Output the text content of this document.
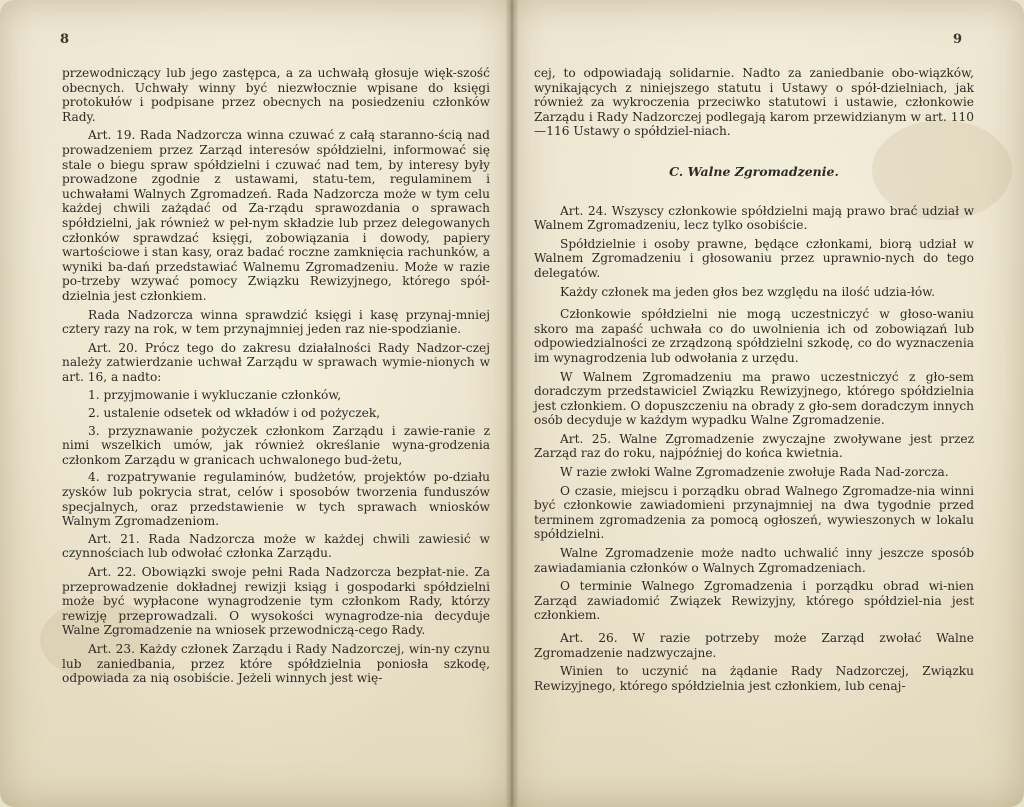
8

przewodniczący lub jego zastępca, a za uchwałą głosuje więk-szość obecnych. Uchwały winny być niezwłocznie wpisane do księgi protokułów i podpisane przez obecnych na posiedzeniu członków Rady.

Art. 19. Rada Nadzorcza winna czuwać z całą staranno-ścią nad prowadzeniem przez Zarząd interesów spółdzielni, informować się stale o biegu spraw spółdzielni i czuwać nad tem, by interesy były prowadzone zgodnie z ustawami, statu-tem, regulaminem i uchwałami Walnych Zgromadzeń. Rada Nadzorcza może w tym celu każdej chwili zażądać od Za-rządu sprawozdania o sprawach spółdzielni, jak również w peł-nym składzie lub przez delegowanych członków sprawdzać księgi, zobowiązania i dowody, papiery wartościowe i stan kasy, oraz badać roczne zamknięcia rachunków, a wyniki ba-dań przedstawiać Walnemu Zgromadzeniu. Może w razie po-trzeby wzywać pomocy Związku Rewizyjnego, którego spół-dzielnia jest członkiem.

Rada Nadzorcza winna sprawdzić księgi i kasę przynaj-mniej cztery razy na rok, w tem przynajmniej jeden raz nie-spodzianie.

Art. 20. Prócz tego do zakresu działalności Rady Nadzor-czej należy zatwierdzanie uchwał Zarządu w sprawach wymie-nionych w art. 16, a nadto:

1. przyjmowanie i wykluczanie członków,

2. ustalenie odsetek od wkładów i od pożyczek,

3. przyznawanie pożyczek członkom Zarządu i zawie-ranie z nimi wszelkich umów, jak również określanie wyna-grodzenia członkom Zarządu w granicach uchwalonego bud-żetu,

4. rozpatrywanie regulaminów, budżetów, projektów po-działu zysków lub pokrycia strat, celów i sposobów tworzenia funduszów specjalnych, oraz przedstawienie w tych sprawach wniosków Walnym Zgromadzeniom.

Art. 21. Rada Nadzorcza może w każdej chwili zawiesić w czynnościach lub odwołać członka Zarządu.

Art. 22. Obowiązki swoje pełni Rada Nadzorcza bezpłat-nie. Za przeprowadzenie dokładnej rewizji ksiąg i gospodarki spółdzielni może być wypłacone wynagrodzenie tym członkom Rady, którzy rewizję przeprowadzali. O wysokości wynagrodze-nia decyduje Walne Zgromadzenie na wniosek przewodniczą-cego Rady.

Art. 23. Każdy członek Zarządu i Rady Nadzorczej, win-ny czynu lub zaniedbania, przez które spółdzielnia poniosła szkodę, odpowiada za nią osobiście. Jeżeli winnych jest wię-

9

cej, to odpowiadają solidarnie. Nadto za zaniedbanie obo-wiązków, wynikających z niniejszego statutu i Ustawy o spół-dzielniach, jak również za wykroczenia przeciwko statutowi i ustawie, członkowie Zarządu i Rady Nadzorczej podlegają karom przewidzianym w art. 110—116 Ustawy o spółdziel-niach.

C. Walne Zgromadzenie.

Art. 24. Wszyscy członkowie spółdzielni mają prawo brać udział w Walnem Zgromadzeniu, lecz tylko osobiście.

Spółdzielnie i osoby prawne, będące członkami, biorą udział w Walnem Zgromadzeniu i głosowaniu przez uprawnio-nych do tego delegatów.

Każdy członek ma jeden głos bez względu na ilość udzia-łów.

Członkowie spółdzielni nie mogą uczestniczyć w głoso-waniu skoro ma zapaść uchwała co do uwolnienia ich od zobowiązań lub odpowiedzialności ze zrządzoną spółdzielni szkodę, co do wyznaczenia im wynagrodzenia lub odwołania z urzędu.

W Walnem Zgromadzeniu ma prawo uczestniczyć z gło-sem doradczym przedstawiciel Związku Rewizyjnego, którego spółdzielnia jest członkiem. O dopuszczeniu na obrady z gło-sem doradczym innych osób decyduje w każdym wypadku Walne Zgromadzenie.

Art. 25. Walne Zgromadzenie zwyczajne zwoływane jest przez Zarząd raz do roku, najpóźniej do końca kwietnia.

W razie zwłoki Walne Zgromadzenie zwołuje Rada Nad-zorcza.

O czasie, miejscu i porządku obrad Walnego Zgromadze-nia winni być członkowie zawiadomieni przynajmniej na dwa tygodnie przed terminem zgromadzenia za pomocą ogłoszeń, wywieszonych w lokalu spółdzielni.

Walne Zgromadzenie może nadto uchwalić inny jeszcze sposób zawiadamiania członków o Walnych Zgromadzeniach.

O terminie Walnego Zgromadzenia i porządku obrad wi-nien Zarząd zawiadomić Związek Rewizyjny, którego spółdziel-nia jest członkiem.

Art. 26. W razie potrzeby może Zarząd zwołać Walne Zgromadzenie nadzwyczajne.

Winien to uczynić na żądanie Rady Nadzorczej, Związku Rewizyjnego, którego spółdzielnia jest członkiem, lub cenaj-
